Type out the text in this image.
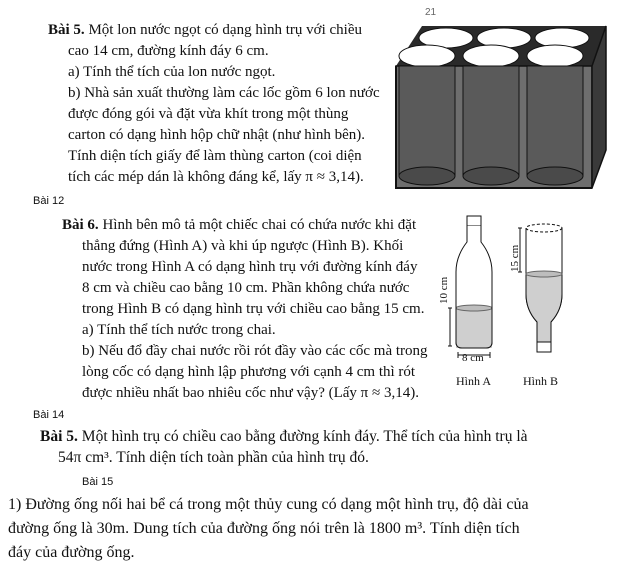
21
Bài 5. Một lon nước ngọt có dạng hình trụ với chiều
cao 14 cm, đường kính đáy 6 cm.
a) Tính thể tích của lon nước ngọt.
b) Nhà sản xuất thường làm các lốc gồm 6 lon nước
được đóng gói và đặt vừa khít trong một thùng
carton có dạng hình hộp chữ nhật (như hình bên).
Tính diện tích giấy để làm thùng carton (coi diện
tích các mép dán là không đáng kể, lấy π ≈ 3,14).
Bài 12
Bài 6. Hình bên mô tả một chiếc chai có chứa nước khi đặt
thẳng đứng (Hình A) và khi úp ngược (Hình B). Khối
nước trong Hình A có dạng hình trụ với đường kính đáy
8 cm và chiều cao bằng 10 cm. Phần không chứa nước
trong Hình B có dạng hình trụ với chiều cao bằng 15 cm.
a) Tính thể tích nước trong chai.
b) Nếu đổ đầy chai nước rồi rót đầy vào các cốc mà trong
lòng cốc có dạng hình lập phương với cạnh 4 cm thì rót
được nhiều nhất bao nhiêu cốc như vậy? (Lấy π ≈ 3,14).
10 cm
15 cm
8 cm
Hình A	Hình B
Bài 14
Bài 5. Một hình trụ có chiều cao bằng đường kính đáy. Thể tích của hình trụ là
54π cm³. Tính diện tích toàn phần của hình trụ đó.
Bài 15
1) Đường ống nối hai bể cá trong một thủy cung có dạng một hình trụ, độ dài của
đường ống là 30m. Dung tích của đường ống nói trên là 1800 m³. Tính diện tích
đáy của đường ống.
